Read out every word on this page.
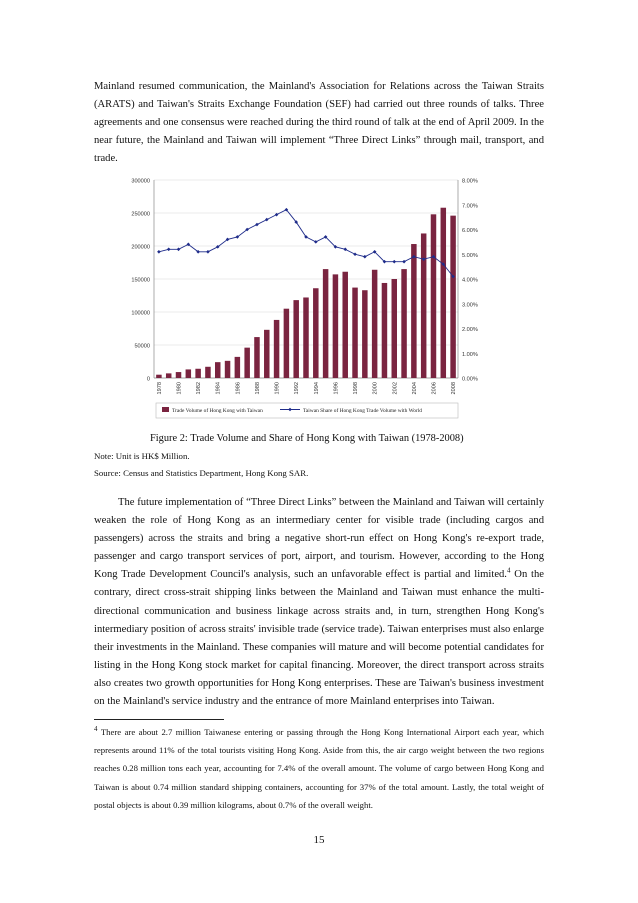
Mainland resumed communication, the Mainland's Association for Relations across the Taiwan Straits (ARATS) and Taiwan's Straits Exchange Foundation (SEF) had carried out three rounds of talks. Three agreements and one consensus were reached during the third round of talk at the end of April 2009. In the near future, the Mainland and Taiwan will implement “Three Direct Links” through mail, transport, and trade.

0
50000
100000
150000
200000
250000
300000
0.00%
1.00%
2.00%
3.00%
4.00%
5.00%
6.00%
7.00%
8.00%
1978 1980 1982 1984 1986 1988 1990 1992 1994 1996 1998 2000 2002 2004 2006 2008
Trade Volume of Hong Kong with Taiwan	Taiwan Share of Hong Kong Trade Volume with World
Figure 2: Trade Volume and Share of Hong Kong with Taiwan (1978-2008)
Note: Unit is HK$ Million.
Source: Census and Statistics Department, Hong Kong SAR.

The future implementation of “Three Direct Links” between the Mainland and Taiwan will certainly weaken the role of Hong Kong as an intermediary center for visible trade (including cargos and passengers) across the straits and bring a negative short-run effect on Hong Kong's re-export trade, passenger and cargo transport services of port, airport, and tourism. However, according to the Hong Kong Trade Development Council's analysis, such an unfavorable effect is partial and limited.$^4$ On the contrary, direct cross-strait shipping links between the Mainland and Taiwan must enhance the multi-directional communication and business linkage across straits and, in turn, strengthen Hong Kong's intermediary position of across straits' invisible trade (service trade). Taiwan enterprises must also enlarge their investments in the Mainland. These companies will mature and will become potential candidates for listing in the Hong Kong stock market for capital financing. Moreover, the direct transport across straits also creates two growth opportunities for Hong Kong enterprises. These are Taiwan's business investment on the Mainland's service industry and the entrance of more Mainland enterprises into Taiwan.

$^4$ There are about 2.7 million Taiwanese entering or passing through the Hong Kong International Airport each year, which represents around 11% of the total tourists visiting Hong Kong. Aside from this, the air cargo weight between the two regions reaches 0.28 million tons each year, accounting for 7.4% of the overall amount. The volume of cargo between Hong Kong and Taiwan is about 0.74 million standard shipping containers, accounting for 37% of the total amount. Lastly, the total weight of postal objects is about 0.39 million kilograms, about 0.7% of the overall weight.

15
